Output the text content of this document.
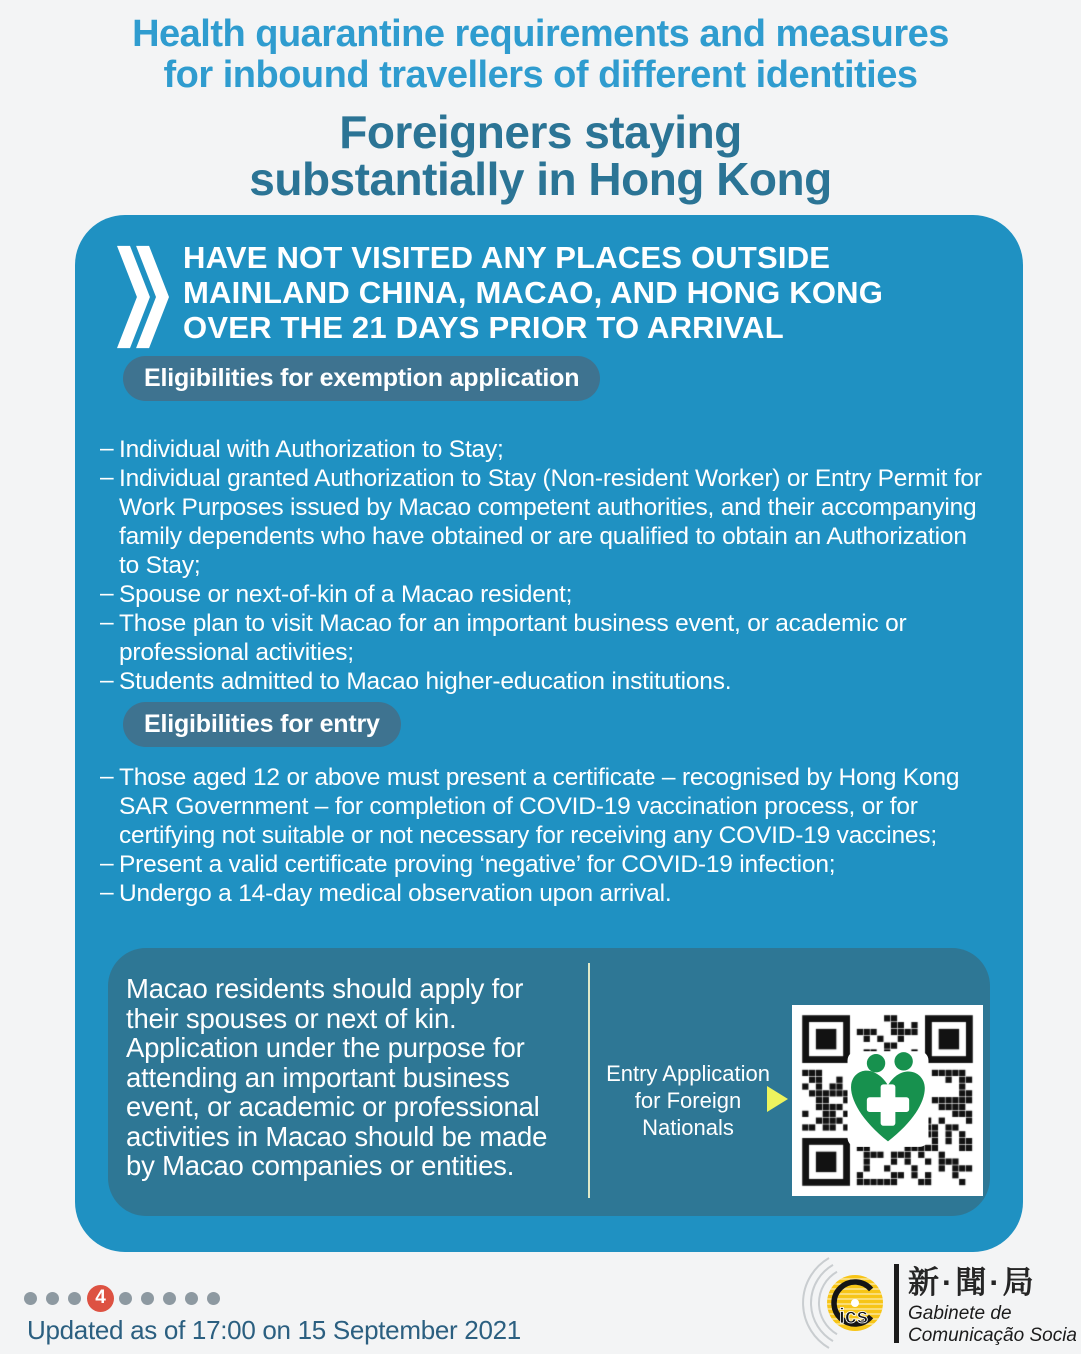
Health quarantine requirements and measures
for inbound travellers of different identities
Foreigners staying
substantially in Hong Kong
HAVE NOT VISITED ANY PLACES OUTSIDE
MAINLAND CHINA, MACAO, AND HONG KONG
OVER THE 21 DAYS PRIOR TO ARRIVAL
Eligibilities for exemption application
– Individual with Authorization to Stay;
– Individual granted Authorization to Stay (Non-resident Worker) or Entry Permit for Work Purposes issued by Macao competent authorities, and their accompanying family dependents who have obtained or are qualified to obtain an Authorization to Stay;
– Spouse or next-of-kin of a Macao resident;
– Those plan to visit Macao for an important business event, or academic or professional activities;
– Students admitted to Macao higher-education institutions.
Eligibilities for entry
– Those aged 12 or above must present a certificate – recognised by Hong Kong SAR Government – for completion of COVID-19 vaccination process, or for certifying not suitable or not necessary for receiving any COVID-19 vaccines;
– Present a valid certificate proving ‘negative’ for COVID-19 infection;
– Undergo a 14-day medical observation upon arrival.

Macao residents should apply for their spouses or next of kin. Application under the purpose for attending an important business event, or academic or professional activities in Macao should be made by Macao companies or entities.

Entry Application for Foreign Nationals
4
Updated as of 17:00 on 15 September 2021	ics
新·聞·局
Gabinete de
Comunicação Social
